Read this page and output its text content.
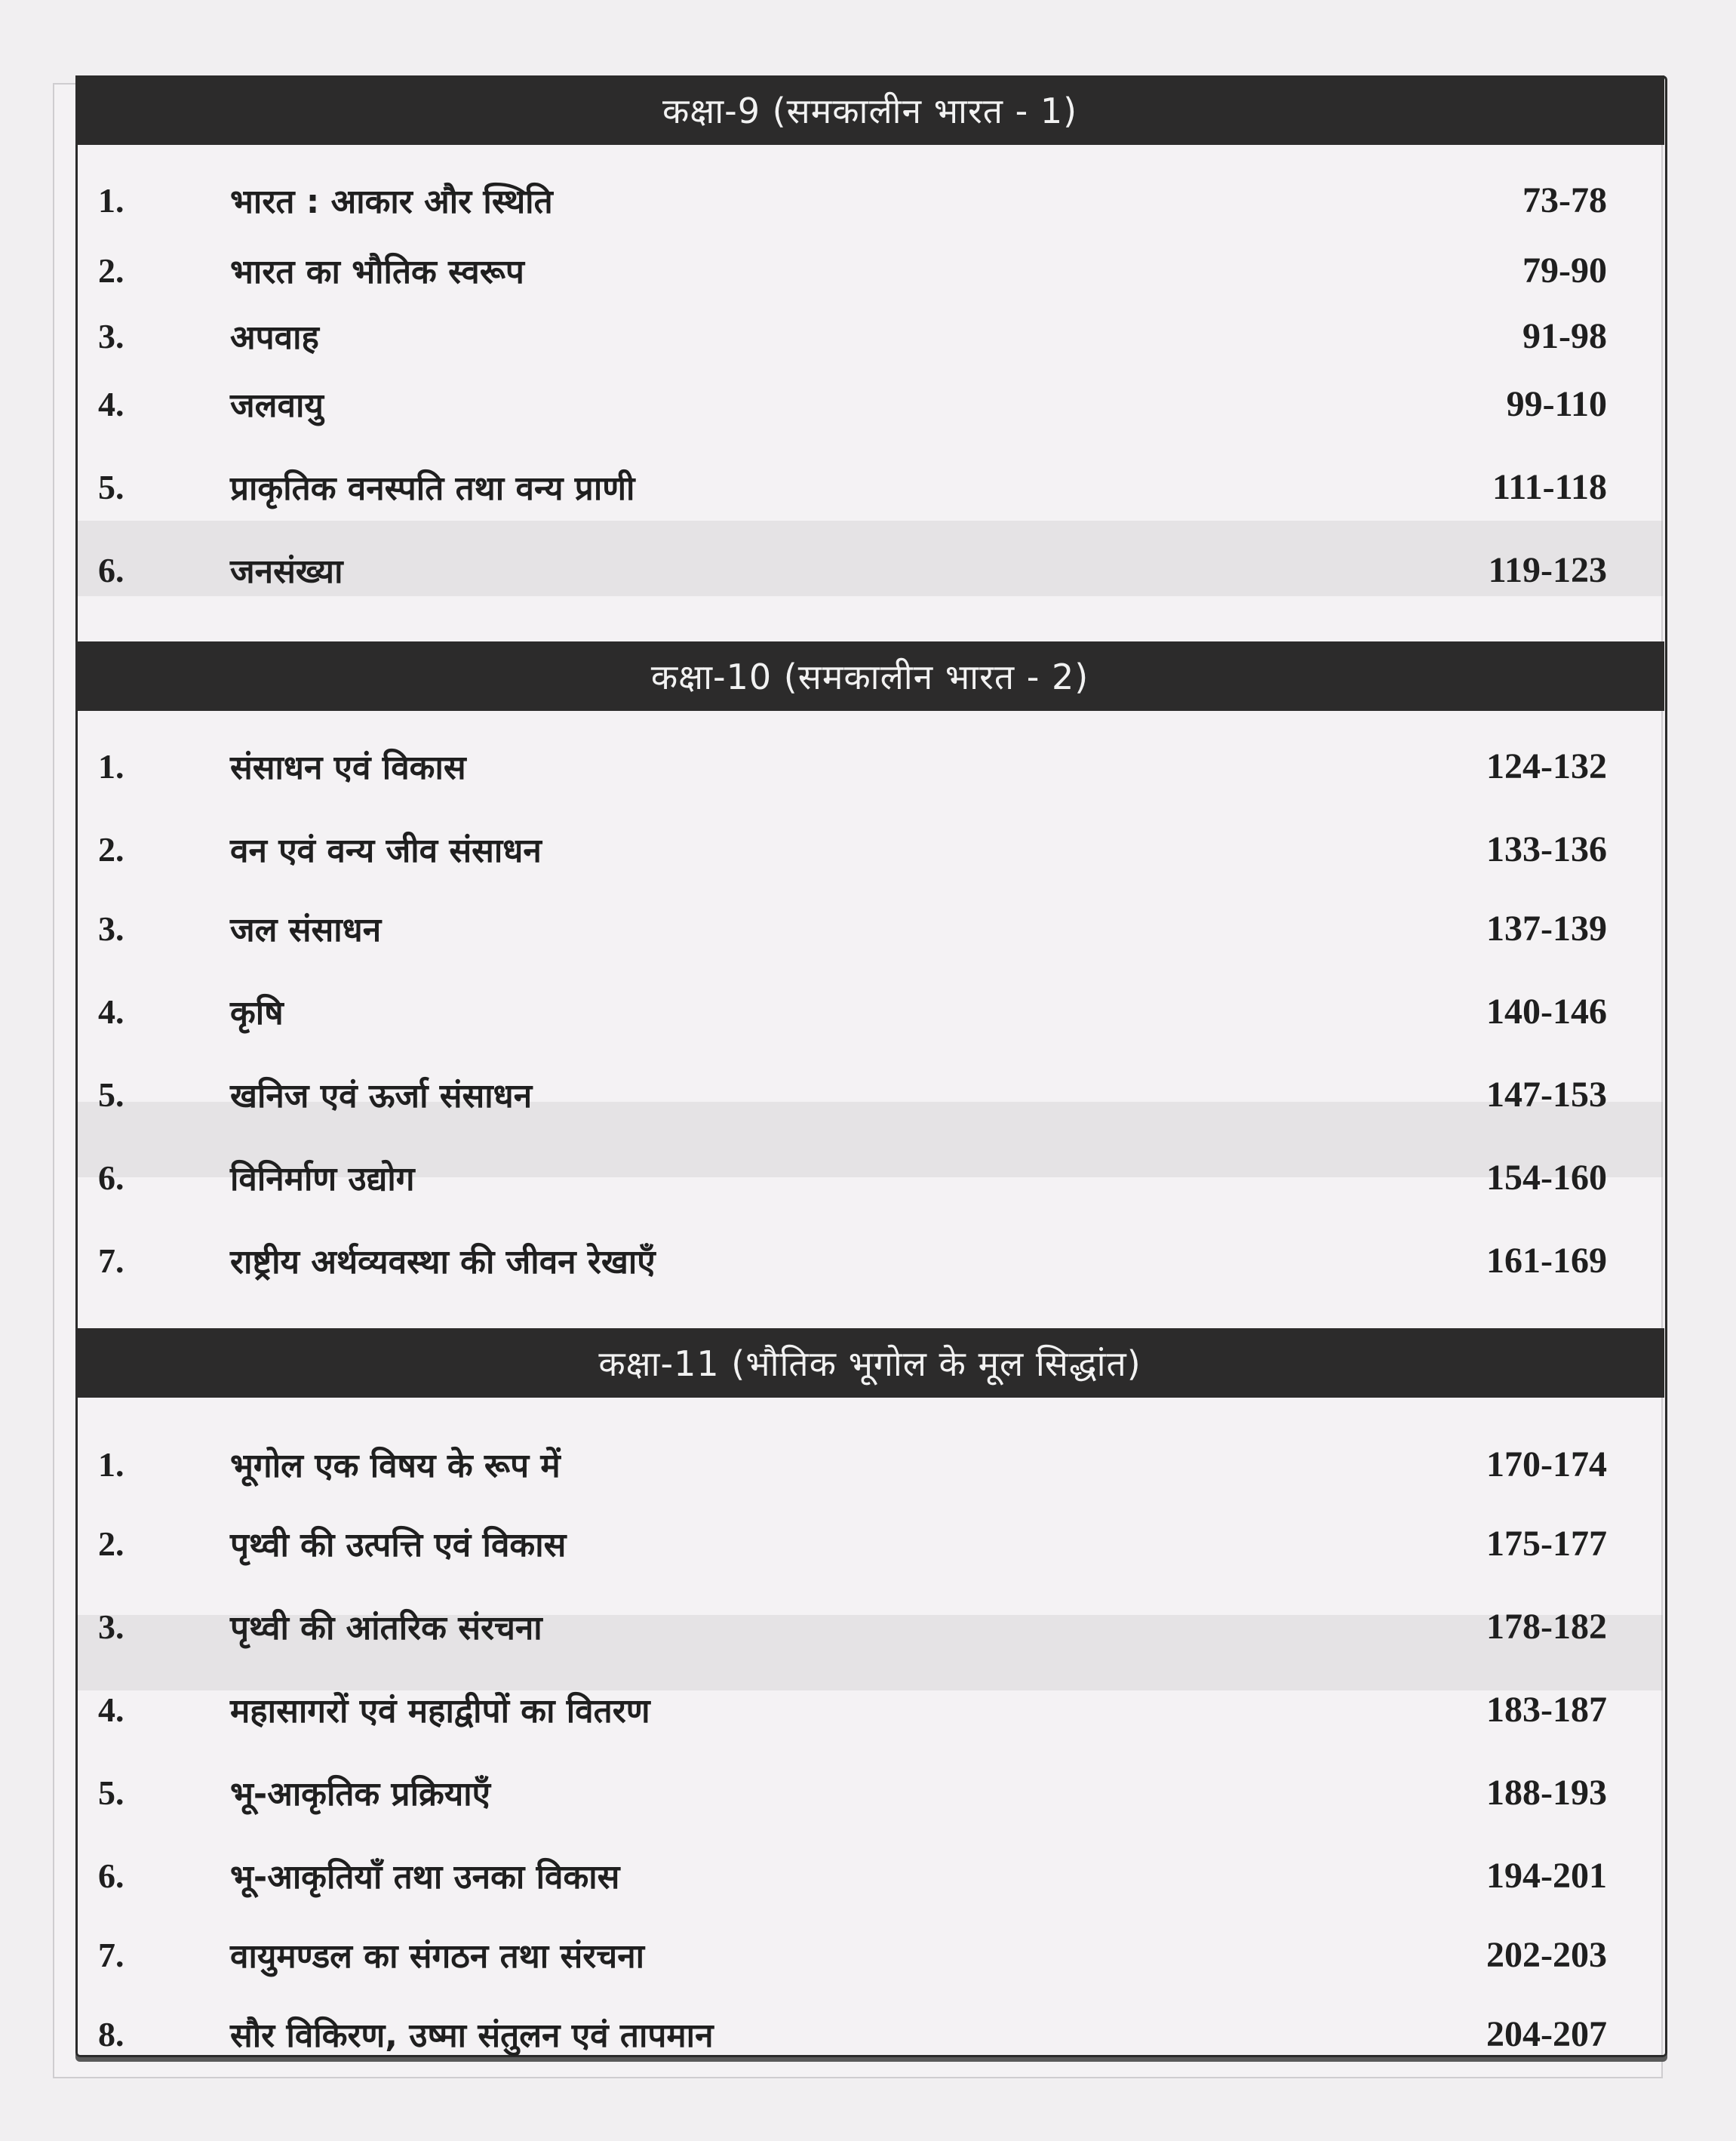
कक्षा-9 (समकालीन भारत - 1)
1.	भारत : आकार और स्थिति	73-78
2.	भारत का भौतिक स्वरूप	79-90
3.	अपवाह	91-98
4.	जलवायु	99-110
5.	प्राकृतिक वनस्पति तथा वन्य प्राणी	111-118
6.	जनसंख्या	119-123
कक्षा-10 (समकालीन भारत - 2)
1.	संसाधन एवं विकास	124-132
2.	वन एवं वन्य जीव संसाधन	133-136
3.	जल संसाधन	137-139
4.	कृषि	140-146
5.	खनिज एवं ऊर्जा संसाधन	147-153
6.	विनिर्माण उद्योग	154-160
7.	राष्ट्रीय अर्थव्यवस्था की जीवन रेखाएँ	161-169
कक्षा-11 (भौतिक भूगोल के मूल सिद्धांत)
1.	भूगोल एक विषय के रूप में	170-174
2.	पृथ्वी की उत्पत्ति एवं विकास	175-177
3.	पृथ्वी की आंतरिक संरचना	178-182
4.	महासागरों एवं महाद्वीपों का वितरण	183-187
5.	भू-आकृतिक प्रक्रियाएँ	188-193
6.	भू-आकृतियाँ तथा उनका विकास	194-201
7.	वायुमण्डल का संगठन तथा संरचना	202-203
8.	सौर विकिरण, उष्मा संतुलन एवं तापमान	204-207
